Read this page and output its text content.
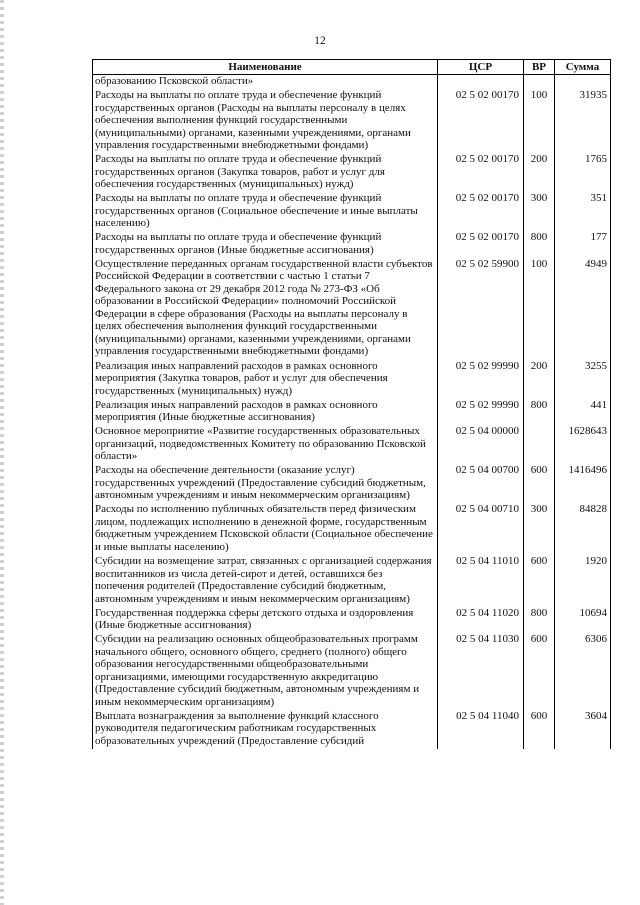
12
Наименование	ЦСР	ВР	Сумма
образованию Псковской области»			
Расходы на выплаты по оплате труда и обеспечение функций государственных органов (Расходы на выплаты персоналу в целях обеспечения выполнения функций государственными (муниципальными) органами, казенными учреждениями, органами управления государственными внебюджетными фондами)	02 5 02 00170	100	31935
Расходы на выплаты по оплате труда и обеспечение функций государственных органов (Закупка товаров, работ и услуг для обеспечения государственных (муниципальных) нужд)	02 5 02 00170	200	1765
Расходы на выплаты по оплате труда и обеспечение функций государственных органов (Социальное обеспечение и иные выплаты населению)	02 5 02 00170	300	351
Расходы на выплаты по оплате труда и обеспечение функций государственных органов (Иные бюджетные ассигнования)	02 5 02 00170	800	177
Осуществление переданных органам государственной власти субъектов Российской Федерации в соответствии с частью 1 статьи 7 Федерального закона от 29 декабря 2012 года № 273-ФЗ «Об образовании в Российской Федерации» полномочий Российской Федерации в сфере образования (Расходы на выплаты персоналу в целях обеспечения выполнения функций государственными (муниципальными) органами, казенными учреждениями, органами управления государственными внебюджетными фондами)	02 5 02 59900	100	4949
Реализация иных направлений расходов в рамках основного мероприятия (Закупка товаров, работ и услуг для обеспечения государственных (муниципальных) нужд)	02 5 02 99990	200	3255
Реализация иных направлений расходов в рамках основного мероприятия (Иные бюджетные ассигнования)	02 5 02 99990	800	441
Основное мероприятие «Развитие государственных образовательных организаций, подведомственных Комитету по образованию Псковской области»	02 5 04 00000		1628643
Расходы на обеспечение деятельности (оказание услуг) государственных учреждений (Предоставление субсидий бюджетным, автономным учреждениям и иным некоммерческим организациям)	02 5 04 00700	600	1416496
Расходы по исполнению публичных обязательств перед физическим лицом, подлежащих исполнению в денежной форме, государственным бюджетным учреждением Псковской области (Социальное обеспечение и иные выплаты населению)	02 5 04 00710	300	84828
Субсидии на возмещение затрат, связанных с организацией содержания воспитанников из числа детей-сирот и детей, оставшихся без попечения родителей (Предоставление субсидий бюджетным, автономным учреждениям и иным некоммерческим организациям)	02 5 04 11010	600	1920
Государственная поддержка сферы детского отдыха и оздоровления (Иные бюджетные ассигнования)	02 5 04 11020	800	10694
Субсидии на реализацию основных общеобразовательных программ начального общего, основного общего, среднего (полного) общего образования негосударственными общеобразовательными организациями, имеющими государственную аккредитацию (Предоставление субсидий бюджетным, автономным учреждениям и иным некоммерческим организациям)	02 5 04 11030	600	6306
Выплата вознаграждения за выполнение функций классного руководителя педагогическим работникам государственных образовательных учреждений (Предоставление субсидий	02 5 04 11040	600	3604
